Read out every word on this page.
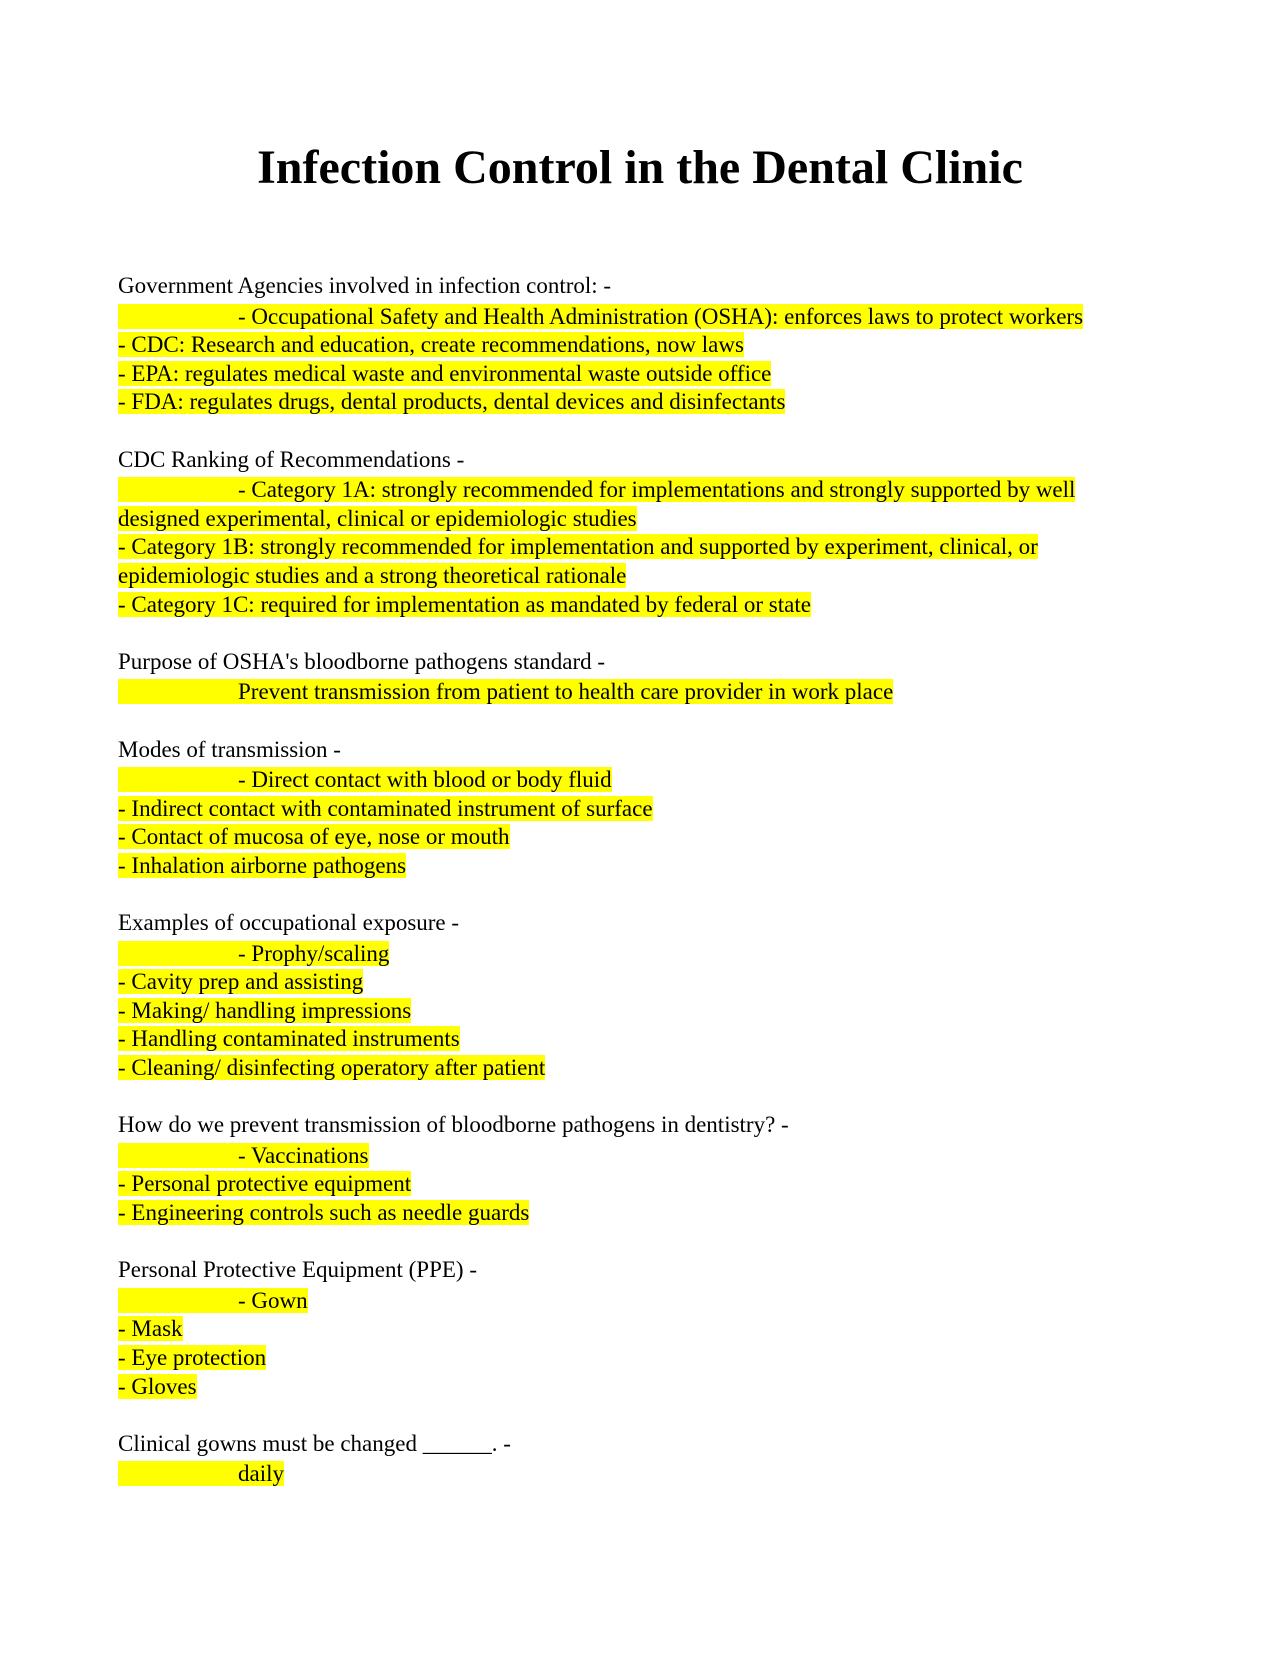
Infection Control in the Dental Clinic
Government Agencies involved in infection control: -
- Occupational Safety and Health Administration (OSHA): enforces laws to protect workers
- CDC: Research and education, create recommendations, now laws
- EPA: regulates medical waste and environmental waste outside office
- FDA: regulates drugs, dental products, dental devices and disinfectants
CDC Ranking of Recommendations -
- Category 1A: strongly recommended for implementations and strongly supported by well
designed experimental, clinical or epidemiologic studies
- Category 1B: strongly recommended for implementation and supported by experiment, clinical, or
epidemiologic studies and a strong theoretical rationale
- Category 1C: required for implementation as mandated by federal or state
Purpose of OSHA's bloodborne pathogens standard -
Prevent transmission from patient to health care provider in work place
Modes of transmission -
- Direct contact with blood or body fluid
- Indirect contact with contaminated instrument of surface
- Contact of mucosa of eye, nose or mouth
- Inhalation airborne pathogens
Examples of occupational exposure -
- Prophy/scaling
- Cavity prep and assisting
- Making/ handling impressions
- Handling contaminated instruments
- Cleaning/ disinfecting operatory after patient
How do we prevent transmission of bloodborne pathogens in dentistry? -
- Vaccinations
- Personal protective equipment
- Engineering controls such as needle guards
Personal Protective Equipment (PPE) -
- Gown
- Mask
- Eye protection
- Gloves
Clinical gowns must be changed ______. -
daily
